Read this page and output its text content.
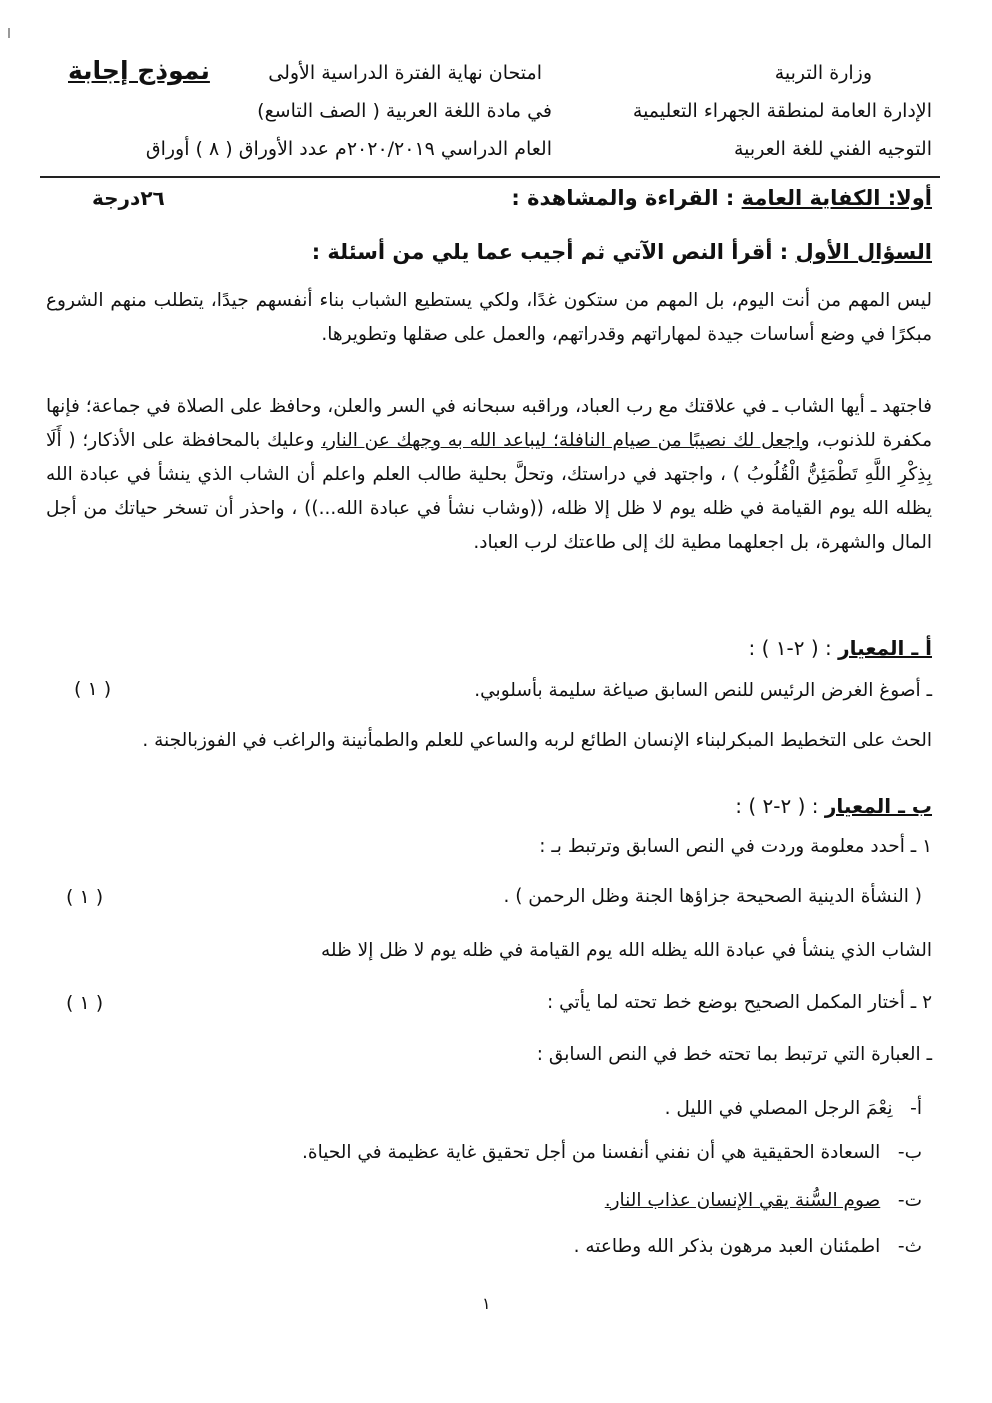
وزارة التربية
الإدارة العامة لمنطقة الجهراء التعليمية
التوجيه الفني للغة العربية
امتحان نهاية الفترة الدراسية الأولى
في مادة اللغة العربية ( الصف التاسع)
العام الدراسي ٢٠٢٠/٢٠١٩م عدد الأوراق ( ٨ ) أوراق
نموذج إجابة
أولا: الكفاية العامة : القراءة والمشاهدة :
٢٦درجة
السؤال الأول : أقرأ النص الآتي ثم أجيب عما يلي من أسئلة :
ليس المهم من أنت اليوم، بل المهم من ستكون غدًا، ولكي يستطيع الشباب بناء أنفسهم جيدًا، يتطلب منهم الشروع مبكرًا في وضع أساسات جيدة لمهاراتهم وقدراتهم، والعمل على صقلها وتطويرها.
فاجتهد ـ أيها الشاب ـ في علاقتك مع رب العباد، وراقبه سبحانه في السر والعلن، وحافظ على الصلاة في جماعة؛ فإنها مكفرة للذنوب، واجعل لك نصيبًا من صيام النافلة؛ ليباعد الله به وجهك عن النار، وعليك بالمحافظة على الأذكار؛ ( أَلَا بِذِكْرِ اللَّهِ تَطْمَئِنُّ الْقُلُوبُ ) ، واجتهد في دراستك، وتحلَّ بحلية طالب العلم واعلم أن الشاب الذي ينشأ في عبادة الله يظله الله يوم القيامة في ظله يوم لا ظل إلا ظله، ((وشاب نشأ في عبادة الله...)) ، واحذر أن تسخر حياتك من أجل المال والشهرة، بل اجعلهما مطية لك إلى طاعتك لرب العباد.
أ ـ المعيار : ( ٢-١ ) :
ـ أصوغ الغرض الرئيس للنص السابق صياغة سليمة بأسلوبي.
( ١ )
الحث على التخطيط المبكرلبناء الإنسان الطائع لربه والساعي للعلم والطمأنينة والراغب في الفوزبالجنة .
ب ـ المعيار : ( ٢-٢ ) :
١ ـ أحدد معلومة وردت في النص السابق وترتبط بـ :
( النشأة الدينية الصحيحة جزاؤها الجنة وظل الرحمن ) .
( ١ )
الشاب الذي ينشأ في عبادة الله يظله الله يوم القيامة في ظله يوم لا ظل إلا ظله
٢ ـ أختار المكمل الصحيح بوضع خط تحته لما يأتي :
( ١ )
ـ العبارة التي ترتبط بما تحته خط في النص السابق :
أ-   نِعْمَ الرجل المصلي في الليل .
ب-   السعادة الحقيقية هي أن نفني أنفسنا من أجل تحقيق غاية عظيمة في الحياة.
ت-   صوم السُّنة يقي الإنسان عذاب النار.
ث-   اطمئنان العبد مرهون بذكر الله وطاعته .
١
